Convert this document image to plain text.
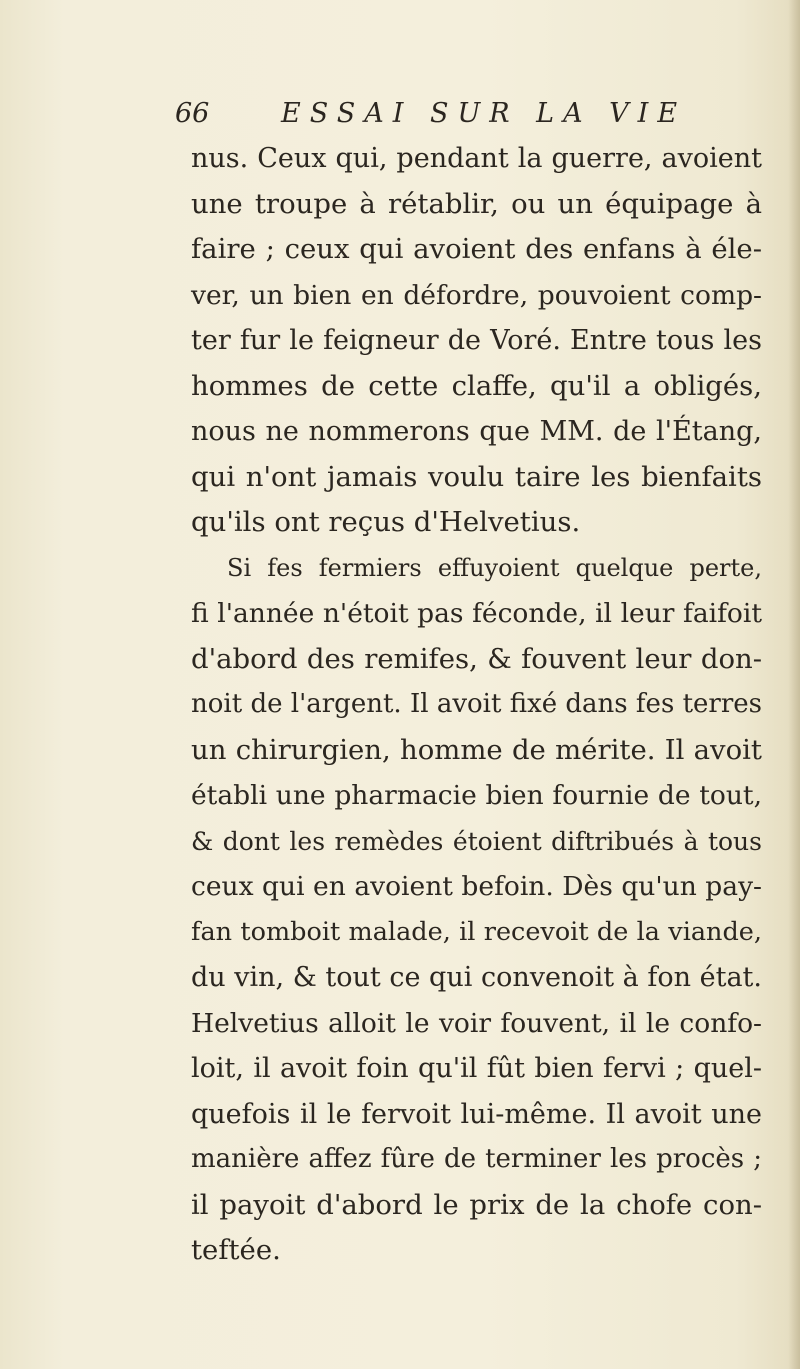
66	ESSAI SUR LA VIE
nus. Ceux qui, pendant la guerre, avoient
une troupe à rétablir, ou un équipage à
faire ; ceux qui avoient des enfans à éle-
ver, un bien en défordre, pouvoient comp-
ter fur le feigneur de Voré. Entre tous les
hommes de cette claffe, qu'il a obligés,
nous ne nommerons que MM. de l'Étang,
qui n'ont jamais voulu taire les bienfaits
qu'ils ont reçus d'Helvetius.
Si fes fermiers effuyoient quelque perte,
fi l'année n'étoit pas féconde, il leur faifoit
d'abord des remifes, & fouvent leur don-
noit de l'argent. Il avoit fixé dans fes terres
un chirurgien, homme de mérite. Il avoit
établi une pharmacie bien fournie de tout,
& dont les remèdes étoient diftribués à tous
ceux qui en avoient befoin. Dès qu'un pay-
fan tomboit malade, il recevoit de la viande,
du vin, & tout ce qui convenoit à fon état.
Helvetius alloit le voir fouvent, il le confo-
loit, il avoit foin qu'il fût bien fervi ; quel-
quefois il le fervoit lui-même. Il avoit une
manière affez fûre de terminer les procès ;
il payoit d'abord le prix de la chofe con-
teftée.
